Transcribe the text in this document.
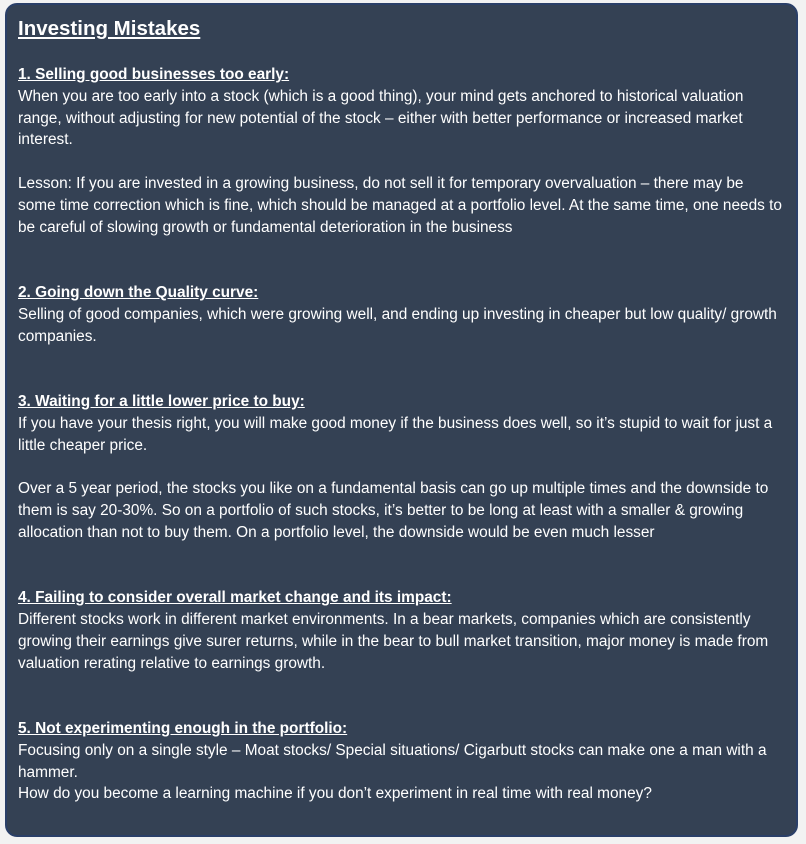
Investing Mistakes
1. Selling good businesses too early:

When you are too early into a stock (which is a good thing), your mind gets anchored to historical valuation range, without adjusting for new potential of the stock – either with better performance or increased market interest.

Lesson: If you are invested in a growing business, do not sell it for temporary overvaluation – there may be some time correction which is fine, which should be managed at a portfolio level. At the same time, one needs to be careful of slowing growth or fundamental deterioration in the business

2. Going down the Quality curve:

Selling of good companies, which were growing well, and ending up investing in cheaper but low quality/ growth companies.

3. Waiting for a little lower price to buy:

If you have your thesis right, you will make good money if the business does well, so it’s stupid to wait for just a little cheaper price.

Over a 5 year period, the stocks you like on a fundamental basis can go up multiple times and the downside to them is say 20-30%. So on a portfolio of such stocks, it’s better to be long at least with a smaller & growing allocation than not to buy them. On a portfolio level, the downside would be even much lesser

4. Failing to consider overall market change and its impact:

Different stocks work in different market environments. In a bear markets, companies which are consistently growing their earnings give surer returns, while in the bear to bull market transition, major money is made from valuation rerating relative to earnings growth.

5. Not experimenting enough in the portfolio:

Focusing only on a single style – Moat stocks/ Special situations/ Cigarbutt stocks can make one a man with a hammer.

How do you become a learning machine if you don’t experiment in real time with real money?
